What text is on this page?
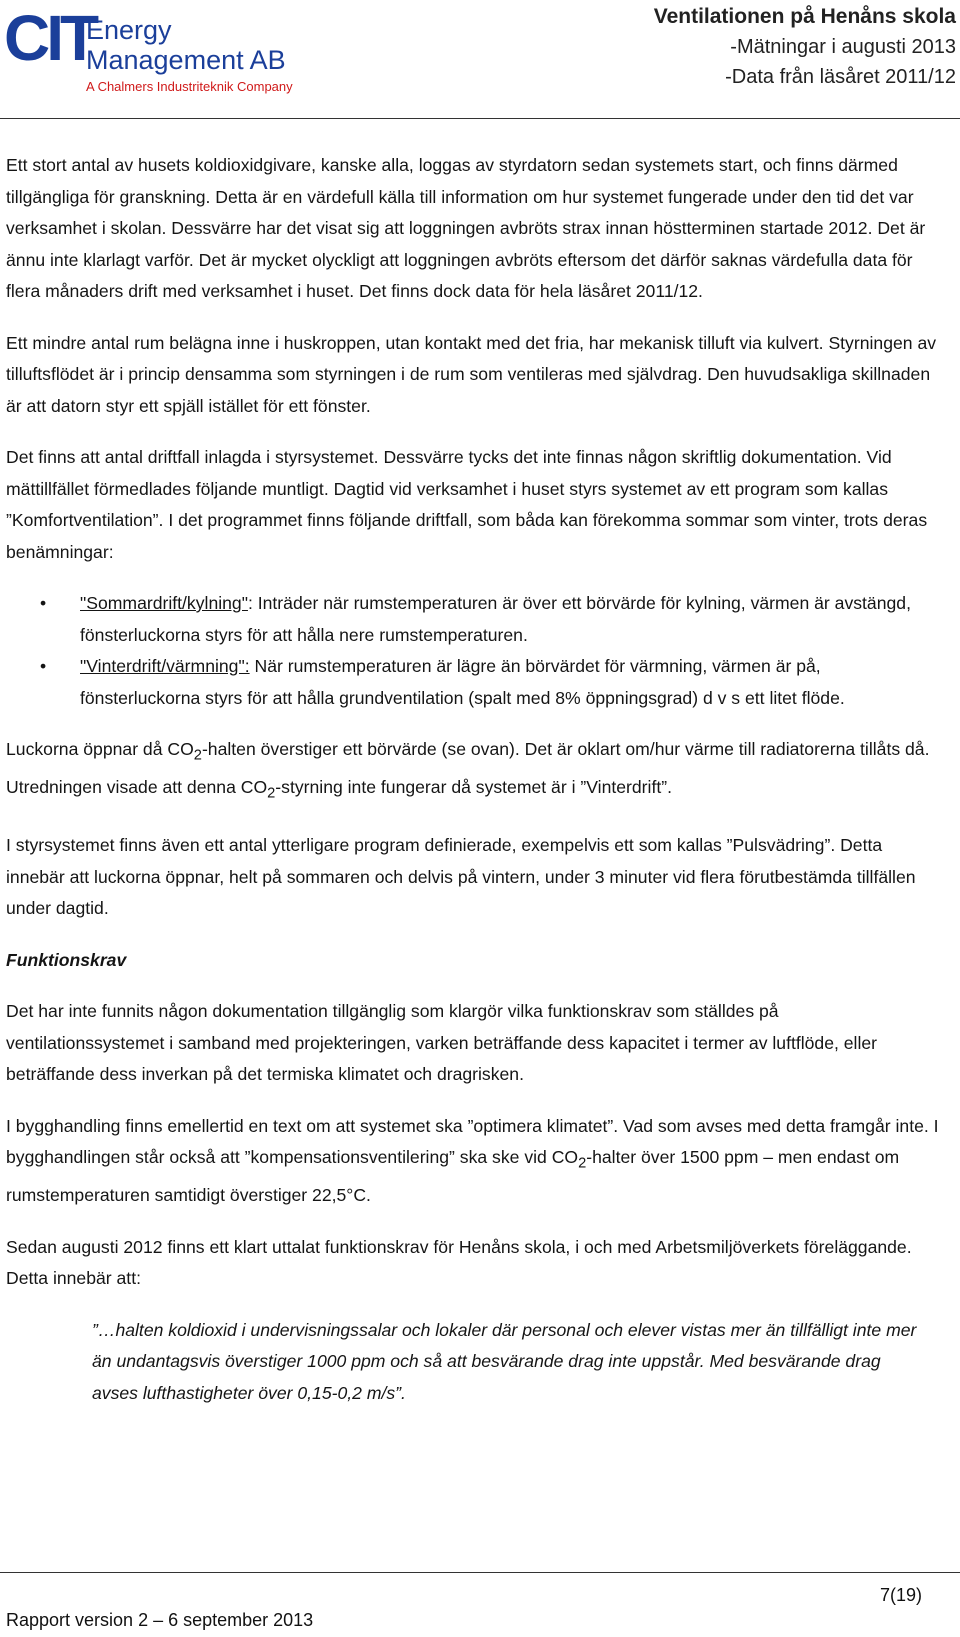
CIT
Energy
Management AB
A Chalmers Industriteknik Company
Ventilationen på Henåns skola
-Mätningar i augusti 2013
-Data från läsåret 2011/12

Ett stort antal av husets koldioxidgivare, kanske alla, loggas av styrdatorn sedan systemets start, och finns därmed tillgängliga för granskning. Detta är en värdefull källa till information om hur systemet fungerade under den tid det var verksamhet i skolan. Dessvärre har det visat sig att loggningen avbröts strax innan höstterminen startade 2012. Det är ännu inte klarlagt varför. Det är mycket olyckligt att loggningen avbröts eftersom det därför saknas värdefulla data för flera månaders drift med verksamhet i huset. Det finns dock data för hela läsåret 2011/12.

Ett mindre antal rum belägna inne i huskroppen, utan kontakt med det fria, har mekanisk tilluft via kulvert. Styrningen av tilluftsflödet är i princip densamma som styrningen i de rum som ventileras med självdrag. Den huvudsakliga skillnaden är att datorn styr ett spjäll istället för ett fönster.

Det finns att antal driftfall inlagda i styrsystemet. Dessvärre tycks det inte finnas någon skriftlig dokumentation. Vid mättillfället förmedlades följande muntligt. Dagtid vid verksamhet i huset styrs systemet av ett program som kallas ”Komfortventilation”. I det programmet finns följande driftfall, som båda kan förekomma sommar som vinter, trots deras benämningar:

• "Sommardrift/kylning": Inträder när rumstemperaturen är över ett börvärde för kylning, värmen är avstängd, fönsterluckorna styrs för att hålla nere rumstemperaturen.
• "Vinterdrift/värmning": När rumstemperaturen är lägre än börvärdet för värmning, värmen är på, fönsterluckorna styrs för att hålla grundventilation (spalt med 8% öppningsgrad) d v s ett litet flöde.

Luckorna öppnar då $CO_2$-halten överstiger ett börvärde (se ovan). Det är oklart om/hur värme till radiatorerna tillåts då. Utredningen visade att denna $CO_2$-styrning inte fungerar då systemet är i ”Vinterdrift”.

I styrsystemet finns även ett antal ytterligare program definierade, exempelvis ett som kallas ”Pulsvädring”. Detta innebär att luckorna öppnar, helt på sommaren och delvis på vintern, under 3 minuter vid flera förutbestämda tillfällen under dagtid.

Funktionskrav

Det har inte funnits någon dokumentation tillgänglig som klargör vilka funktionskrav som ställdes på ventilationssystemet i samband med projekteringen, varken beträffande dess kapacitet i termer av luftflöde, eller beträffande dess inverkan på det termiska klimatet och dragrisken.

I bygghandling finns emellertid en text om att systemet ska ”optimera klimatet”. Vad som avses med detta framgår inte. I bygghandlingen står också att ”kompensationsventilering” ska ske vid $CO_2$-halter över 1500 ppm – men endast om rumstemperaturen samtidigt överstiger 22,5°C.

Sedan augusti 2012 finns ett klart uttalat funktionskrav för Henåns skola, i och med Arbetsmiljöverkets föreläggande. Detta innebär att:

”…halten koldioxid i undervisningssalar och lokaler där personal och elever vistas mer än tillfälligt inte mer än undantagsvis överstiger 1000 ppm och så att besvärande drag inte uppstår. Med besvärande drag avses lufthastigheter över 0,15-0,2 m/s”.

7(19)
Rapport version 2 – 6 september 2013
